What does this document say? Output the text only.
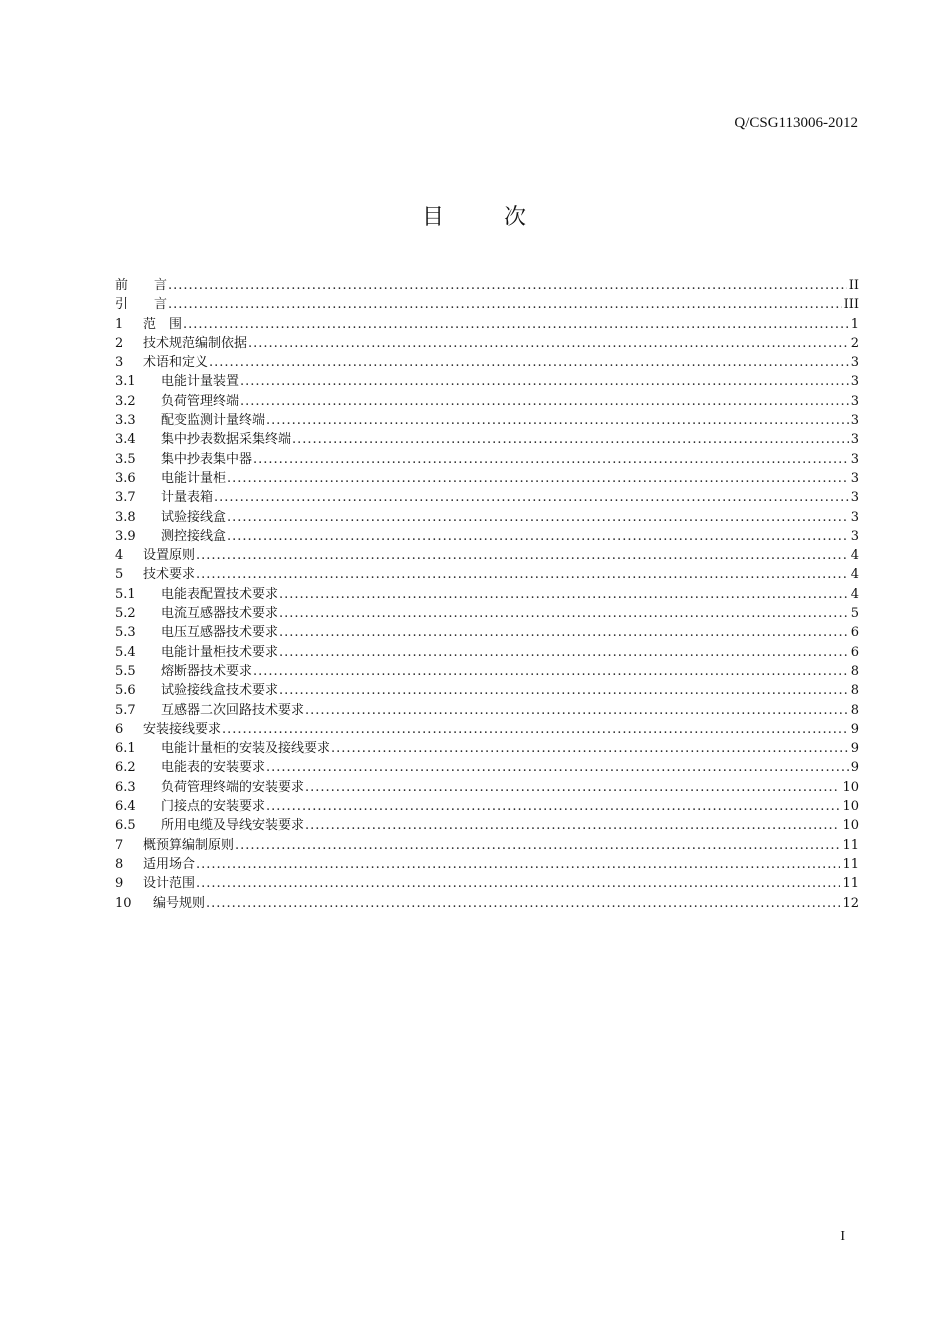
Q/CSG113006-2012
目	次
前　　言 .....	II
引　　言 .....	III
1	范　围 .....	1
2	技术规范编制依据 .....	2
3	术语和定义 .....	3
3.1	电能计量装置 .....	3
3.2	负荷管理终端 .....	3
3.3	配变监测计量终端 .....	3
3.4	集中抄表数据采集终端 .....	3
3.5	集中抄表集中器 .....	3
3.6	电能计量柜 .....	3
3.7	计量表箱 .....	3
3.8	试验接线盒 .....	3
3.9	测控接线盒 .....	3
4	设置原则 .....	4
5	技术要求 .....	4
5.1	电能表配置技术要求 .....	4
5.2	电流互感器技术要求 .....	5
5.3	电压互感器技术要求 .....	6
5.4	电能计量柜技术要求 .....	6
5.5	熔断器技术要求 .....	8
5.6	试验接线盒技术要求 .....	8
5.7	互感器二次回路技术要求 .....	8
6	安装接线要求 .....	9
6.1	电能计量柜的安装及接线要求 .....	9
6.2	电能表的安装要求 .....	9
6.3	负荷管理终端的安装要求 .....	10
6.4	门接点的安装要求 .....	10
6.5	所用电缆及导线安装要求 .....	10
7	概预算编制原则 .....	11
8	适用场合 .....	11
9	设计范围 .....	11
10	编号规则 .....	12
I
